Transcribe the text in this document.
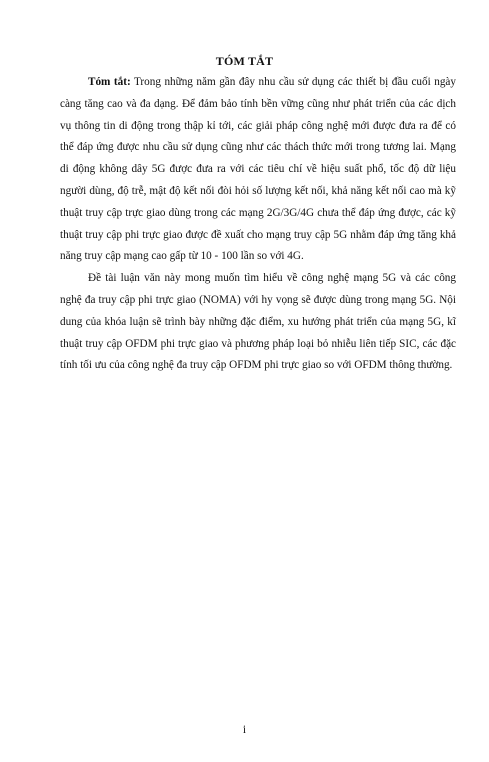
TÓM TẮT

Tóm tắt: Trong những năm gần đây nhu cầu sử dụng các thiết bị đầu cuối ngày càng tăng cao và đa dạng. Để đảm bảo tính bền vững cũng như phát triển của các dịch vụ thông tin di động trong thập kỉ tới, các giải pháp công nghệ mới được đưa ra để có thể đáp ứng được nhu cầu sử dụng cũng như các thách thức mới trong tương lai. Mạng di động không dây 5G được đưa ra với các tiêu chí về hiệu suất phổ, tốc độ dữ liệu người dùng, độ trễ, mật độ kết nối đòi hỏi số lượng kết nối, khả năng kết nối cao mà kỹ thuật truy cập trực giao dùng trong các mạng 2G/3G/4G chưa thể đáp ứng được, các kỹ thuật truy cập phi trực giao được đề xuất cho mạng truy cập 5G nhằm đáp ứng tăng khả năng truy cập mạng cao gấp từ 10 - 100 lần so với 4G.

Đề tài luận văn này mong muốn tìm hiểu về công nghệ mạng 5G và các công nghệ đa truy cập phi trực giao (NOMA) với hy vọng sẽ được dùng trong mạng 5G. Nội dung của khóa luận sẽ trình bày những đặc điểm, xu hướng phát triển của mạng 5G, kĩ thuật truy cập OFDM phi trực giao và phương pháp loại bỏ nhiễu liên tiếp SIC, các đặc tính tối ưu của công nghệ đa truy cập OFDM phi trực giao so với OFDM thông thường.

i
